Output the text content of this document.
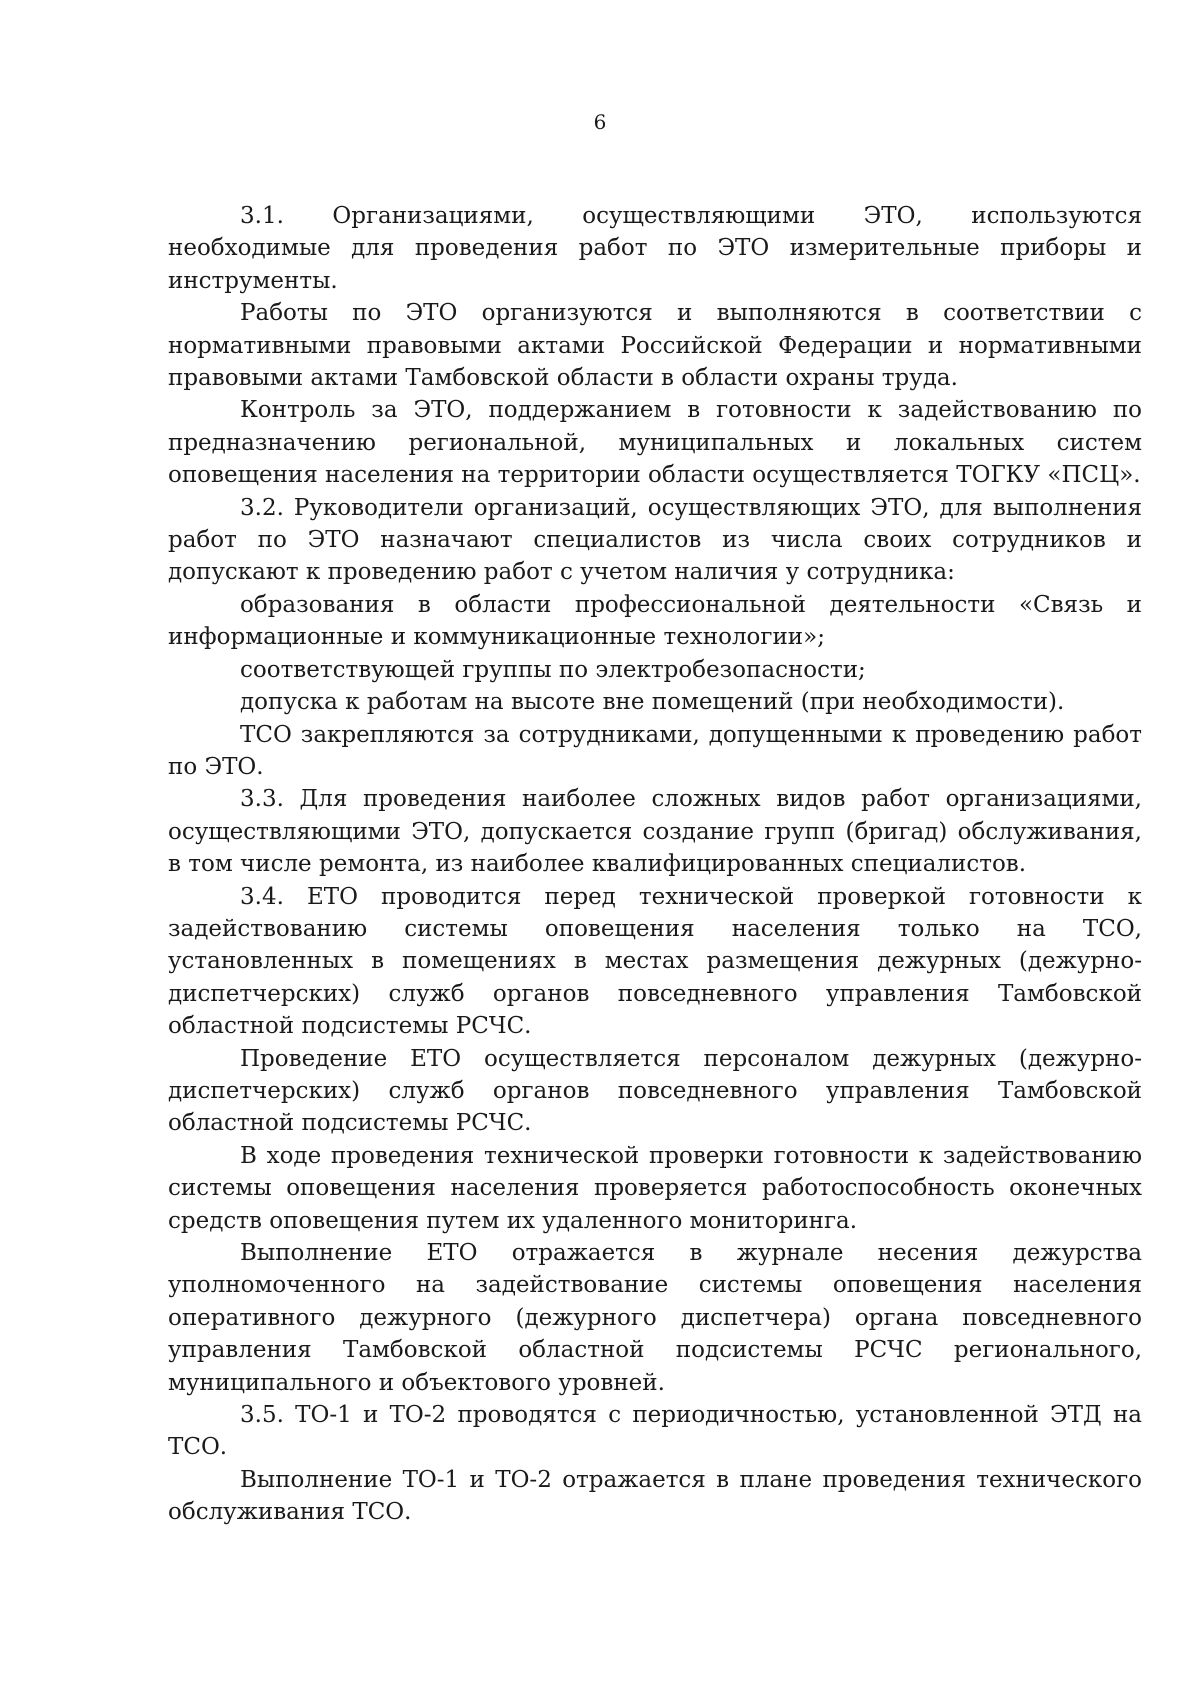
6

3.1. Организациями, осуществляющими ЭТО, используются необходимые для проведения работ по ЭТО измерительные приборы и инструменты.

Работы по ЭТО организуются и выполняются в соответствии с нормативными правовыми актами Российской Федерации и нормативными правовыми актами Тамбовской области в области охраны труда.

Контроль за ЭТО, поддержанием в готовности к задействованию по предназначению региональной, муниципальных и локальных систем оповещения населения на территории области осуществляется ТОГКУ «ПСЦ».

3.2. Руководители организаций, осуществляющих ЭТО, для выполнения работ по ЭТО назначают специалистов из числа своих сотрудников и допускают к проведению работ с учетом наличия у сотрудника:

образования в области профессиональной деятельности «Связь и информационные и коммуникационные технологии»;

соответствующей группы по электробезопасности;

допуска к работам на высоте вне помещений (при необходимости).

ТСО закрепляются за сотрудниками, допущенными к проведению работ по ЭТО.

3.3. Для проведения наиболее сложных видов работ организациями, осуществляющими ЭТО, допускается создание групп (бригад) обслуживания, в том числе ремонта, из наиболее квалифицированных специалистов.

3.4. ЕТО проводится перед технической проверкой готовности к задействованию системы оповещения населения только на ТСО, установленных в помещениях в местах размещения дежурных (дежурно-диспетчерских) служб органов повседневного управления Тамбовской областной подсистемы РСЧС.

Проведение ЕТО осуществляется персоналом дежурных (дежурно-диспетчерских) служб органов повседневного управления Тамбовской областной подсистемы РСЧС.

В ходе проведения технической проверки готовности к задействованию системы оповещения населения проверяется работоспособность оконечных средств оповещения путем их удаленного мониторинга.

Выполнение ЕТО отражается в журнале несения дежурства уполномоченного на задействование системы оповещения населения оперативного дежурного (дежурного диспетчера) органа повседневного управления Тамбовской областной подсистемы РСЧС регионального, муниципального и объектового уровней.

3.5. ТО-1 и ТО-2 проводятся с периодичностью, установленной ЭТД на ТСО.

Выполнение ТО-1 и ТО-2 отражается в плане проведения технического обслуживания ТСО.
